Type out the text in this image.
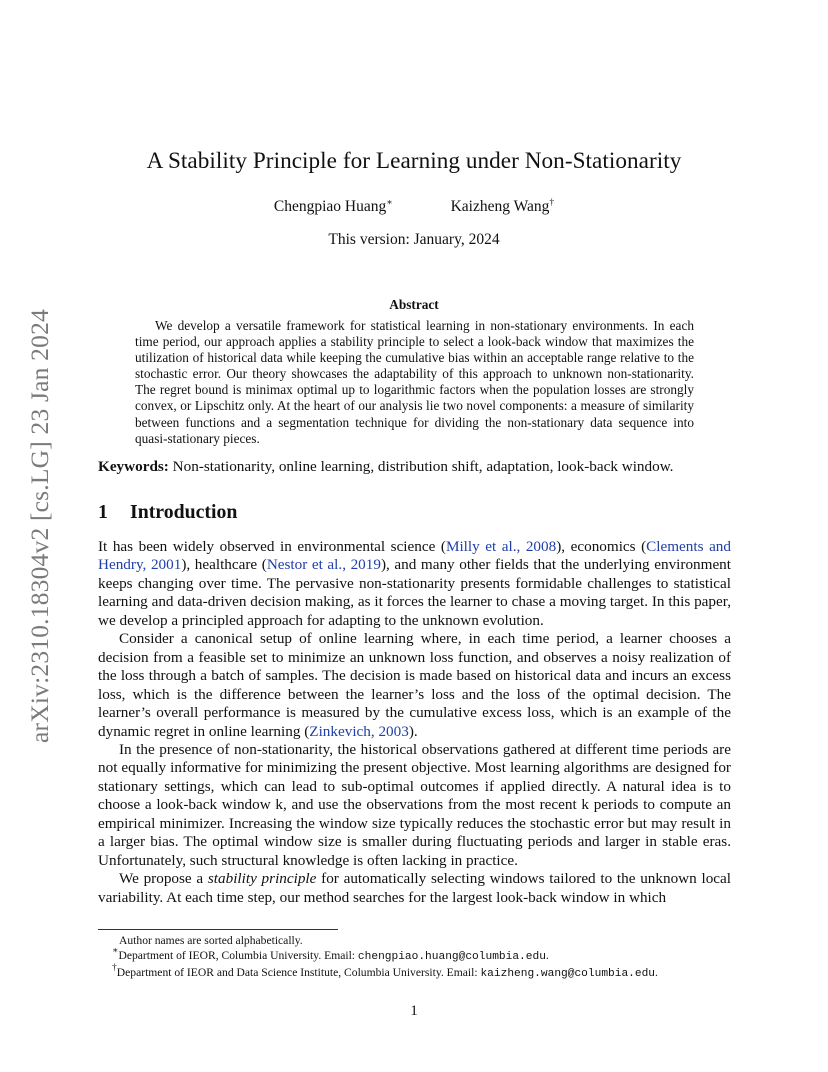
arXiv:2310.18304v2 [cs.LG] 23 Jan 2024
A Stability Principle for Learning under Non-Stationarity
Chengpiao Huang∗	Kaizheng Wang†
This version: January, 2024
Abstract
We develop a versatile framework for statistical learning in non-stationary environments. In each time period, our approach applies a stability principle to select a look-back window that maximizes the utilization of historical data while keeping the cumulative bias within an acceptable range relative to the stochastic error. Our theory showcases the adaptability of this approach to unknown non-stationarity. The regret bound is minimax optimal up to logarithmic factors when the population losses are strongly convex, or Lipschitz only. At the heart of our analysis lie two novel components: a measure of similarity between functions and a segmentation technique for dividing the non-stationary data sequence into quasi-stationary pieces.
Keywords: Non-stationarity, online learning, distribution shift, adaptation, look-back window.
1 Introduction

It has been widely observed in environmental science (Milly et al., 2008), economics (Clements and Hendry, 2001), healthcare (Nestor et al., 2019), and many other fields that the underlying environment keeps changing over time. The pervasive non-stationarity presents formidable challenges to statistical learning and data-driven decision making, as it forces the learner to chase a moving target. In this paper, we develop a principled approach for adapting to the unknown evolution.

Consider a canonical setup of online learning where, in each time period, a learner chooses a decision from a feasible set to minimize an unknown loss function, and observes a noisy realization of the loss through a batch of samples. The decision is made based on historical data and incurs an excess loss, which is the difference between the learner’s loss and the loss of the optimal decision. The learner’s overall performance is measured by the cumulative excess loss, which is an example of the dynamic regret in online learning (Zinkevich, 2003).

In the presence of non-stationarity, the historical observations gathered at different time periods are not equally informative for minimizing the present objective. Most learning algorithms are designed for stationary settings, which can lead to sub-optimal outcomes if applied directly. A natural idea is to choose a look-back window k, and use the observations from the most recent k periods to compute an empirical minimizer. Increasing the window size typically reduces the stochastic error but may result in a larger bias. The optimal window size is smaller during fluctuating periods and larger in stable eras. Unfortunately, such structural knowledge is often lacking in practice.

We propose a stability principle for automatically selecting windows tailored to the unknown local variability. At each time step, our method searches for the largest look-back window in which

Author names are sorted alphabetically.
∗Department of IEOR, Columbia University. Email: chengpiao.huang@columbia.edu.
†Department of IEOR and Data Science Institute, Columbia University. Email: kaizheng.wang@columbia.edu.
1
